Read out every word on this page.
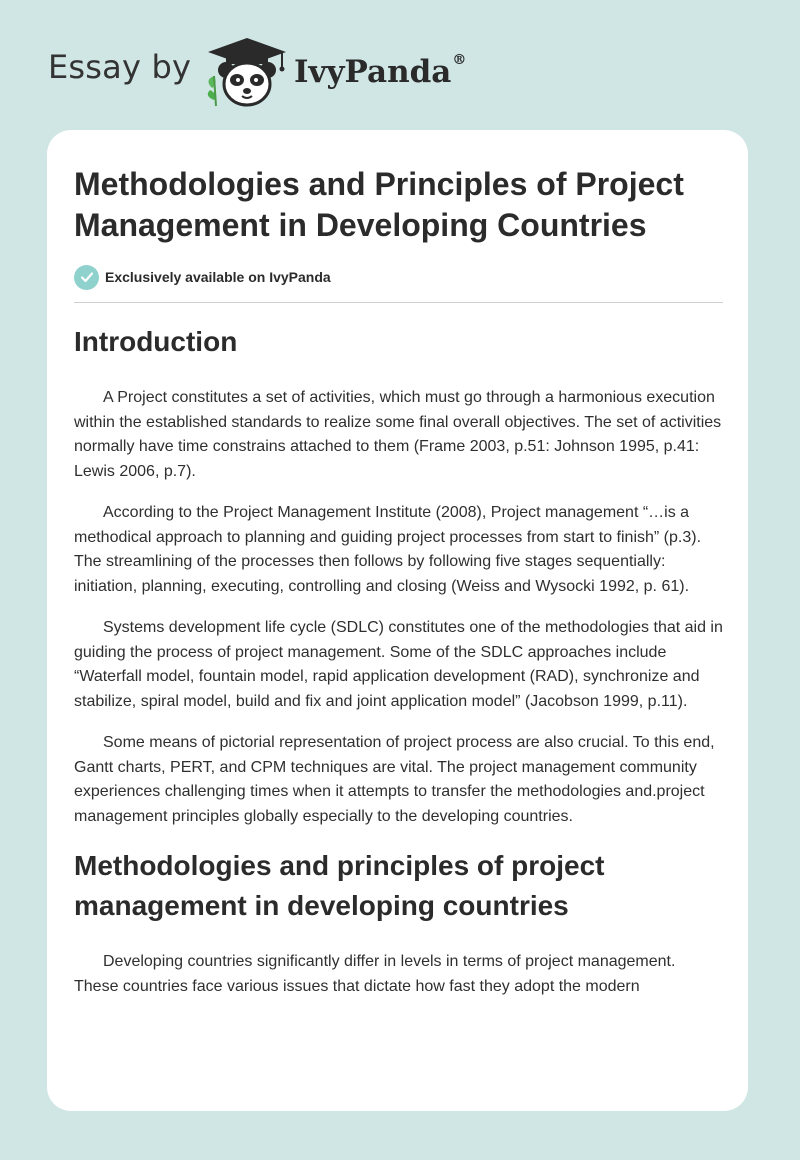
Essay by	IvyPanda®
Methodologies and Principles of Project Management in Developing Countries
Exclusively available on IvyPanda
Introduction

A Project constitutes a set of activities, which must go through a harmonious execution within the established standards to realize some final overall objectives. The set of activities normally have time constrains attached to them (Frame 2003, p.51: Johnson 1995, p.41: Lewis 2006, p.7).

According to the Project Management Institute (2008), Project management “…is a methodical approach to planning and guiding project processes from start to finish” (p.3). The streamlining of the processes then follows by following five stages sequentially: initiation, planning, executing, controlling and closing (Weiss and Wysocki 1992, p. 61).

Systems development life cycle (SDLC) constitutes one of the methodologies that aid in guiding the process of project management. Some of the SDLC approaches include “Waterfall model, fountain model, rapid application development (RAD), synchronize and stabilize, spiral model, build and fix and joint application model” (Jacobson 1999, p.11).

Some means of pictorial representation of project process are also crucial. To this end, Gantt charts, PERT, and CPM techniques are vital. The project management community experiences challenging times when it attempts to transfer the methodologies and.project management principles globally especially to the developing countries.

Methodologies and principles of project management in developing countries

Developing countries significantly differ in levels in terms of project management. These countries face various issues that dictate how fast they adopt the modern
